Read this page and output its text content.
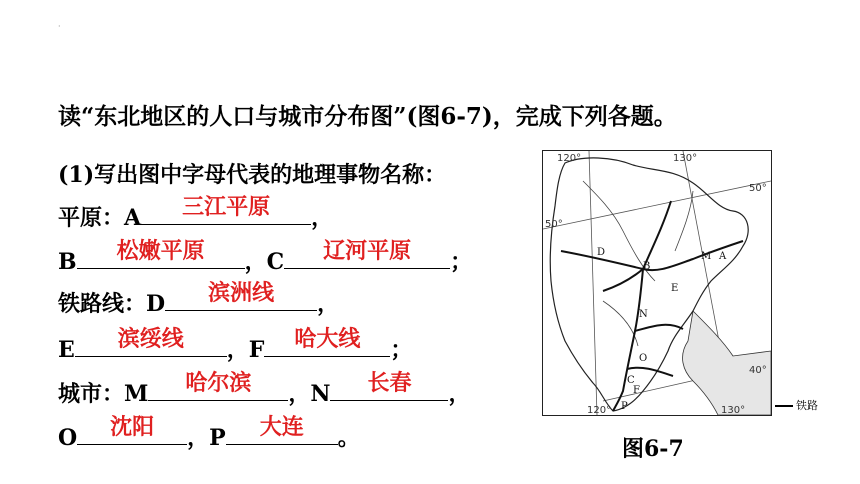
·
读“东北地区的人口与城市分布图”(图6-7)，完成下列各题。
(1)写出图中字母代表的地理事物名称：
平原：A	三江平原	，
B	松嫩平原	，C	辽河平原	；
铁路线：D	滨洲线	，
E	滨绥线	，F	哈大线	；
城市：M	哈尔滨	，N	长春	，
O	沈阳	，P	大连	。
120°	130°
50°
50°
40°
120°	130°
D
B
M A
E
N
O
C
F
P	铁路
图6-7
